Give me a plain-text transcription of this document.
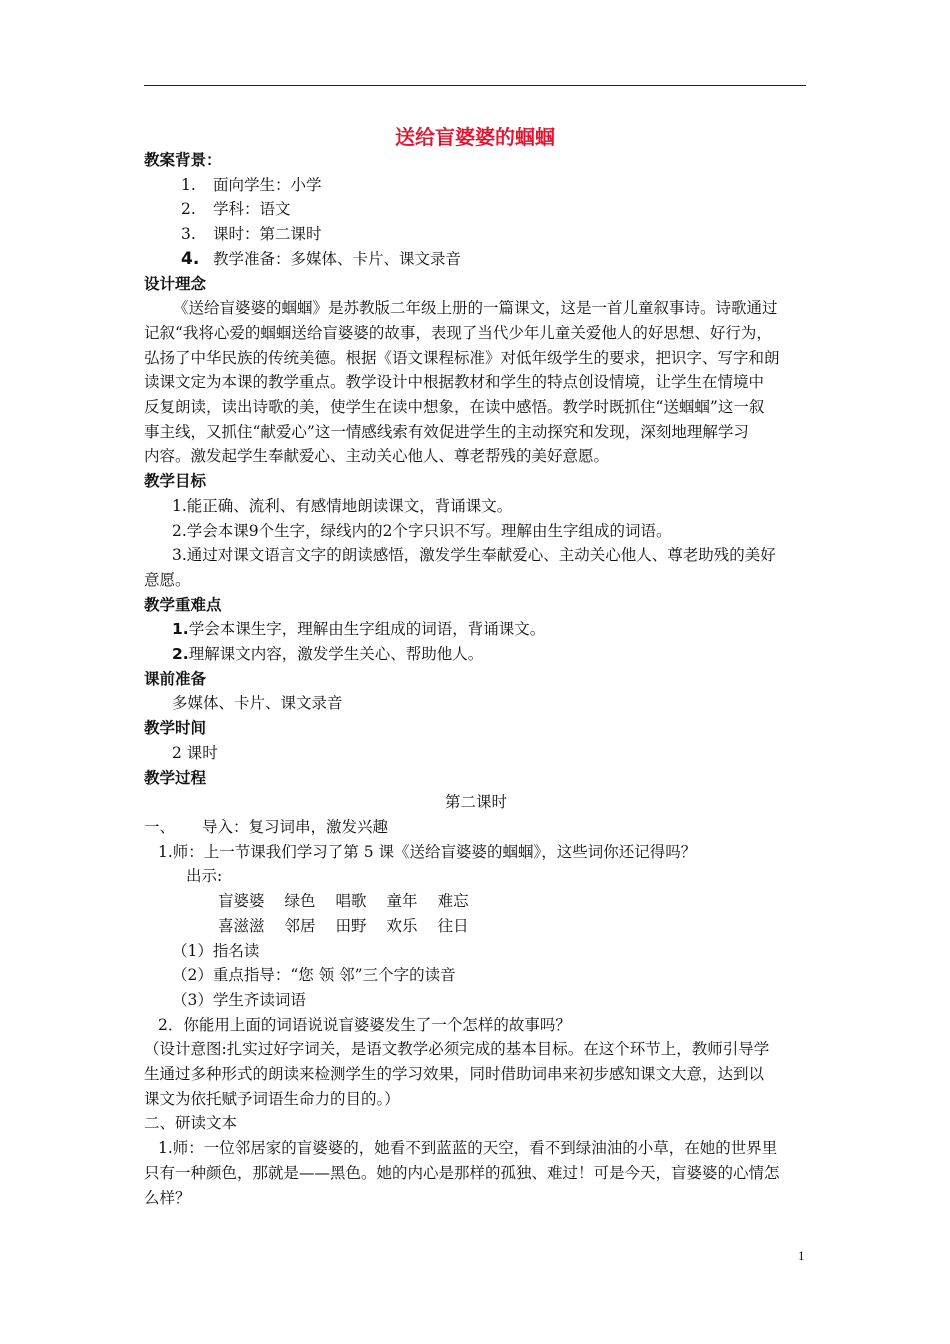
送给盲婆婆的蝈蝈

教案背景：

1. 面向学生：小学

2. 学科：语文

3. 课时：第二课时

4. 教学准备：多媒体、卡片、课文录音

设计理念

《送给盲婆婆的蝈蝈》是苏教版二年级上册的一篇课文，这是一首儿童叙事诗。诗歌通过

记叙“我将心爱的蝈蝈送给盲婆婆的故事，表现了当代少年儿童关爱他人的好思想、好行为，

弘扬了中华民族的传统美德。根据《语文课程标准》对低年级学生的要求，把识字、写字和朗

读课文定为本课的教学重点。教学设计中根据教材和学生的特点创设情境，让学生在情境中

反复朗读，读出诗歌的美，使学生在读中想象，在读中感悟。教学时既抓住“送蝈蝈”这一叙

事主线，又抓住“献爱心”这一情感线索有效促进学生的主动探究和发现，深刻地理解学习

内容。激发起学生奉献爱心、主动关心他人、尊老帮残的美好意愿。

教学目标

1.能正确、流利、有感情地朗读课文，背诵课文。

2.学会本课9个生字，绿线内的2个字只识不写。理解由生字组成的词语。

3.通过对课文语言文字的朗读感悟，激发学生奉献爱心、主动关心他人、尊老助残的美好

意愿。

教学重难点

1.学会本课生字，理解由生字组成的词语，背诵课文。

2.理解课文内容，激发学生关心、帮助他人。

课前准备

多媒体、卡片、课文录音

教学时间

2 课时

教学过程

第二课时

一、 导入：复习词串，激发兴趣

1.师：上一节课我们学习了第 5 课《送给盲婆婆的蝈蝈》，这些词你还记得吗？

出示:

盲婆婆 绿色 唱歌 童年 难忘

喜滋滋 邻居 田野 欢乐 往日

（1）指名读

（2）重点指导：“您 领 邻”三个字的读音

（3）学生齐读词语

2．你能用上面的词语说说盲婆婆发生了一个怎样的故事吗？

（设计意图:扎实过好字词关，是语文教学必须完成的基本目标。在这个环节上，教师引导学

生通过多种形式的朗读来检测学生的学习效果，同时借助词串来初步感知课文大意，达到以

课文为依托赋予词语生命力的目的。）

二、研读文本

1.师：一位邻居家的盲婆婆的，她看不到蓝蓝的天空，看不到绿油油的小草，在她的世界里

只有一种颜色，那就是——黑色。她的内心是那样的孤独、难过！可是今天，盲婆婆的心情怎

么样？

1
